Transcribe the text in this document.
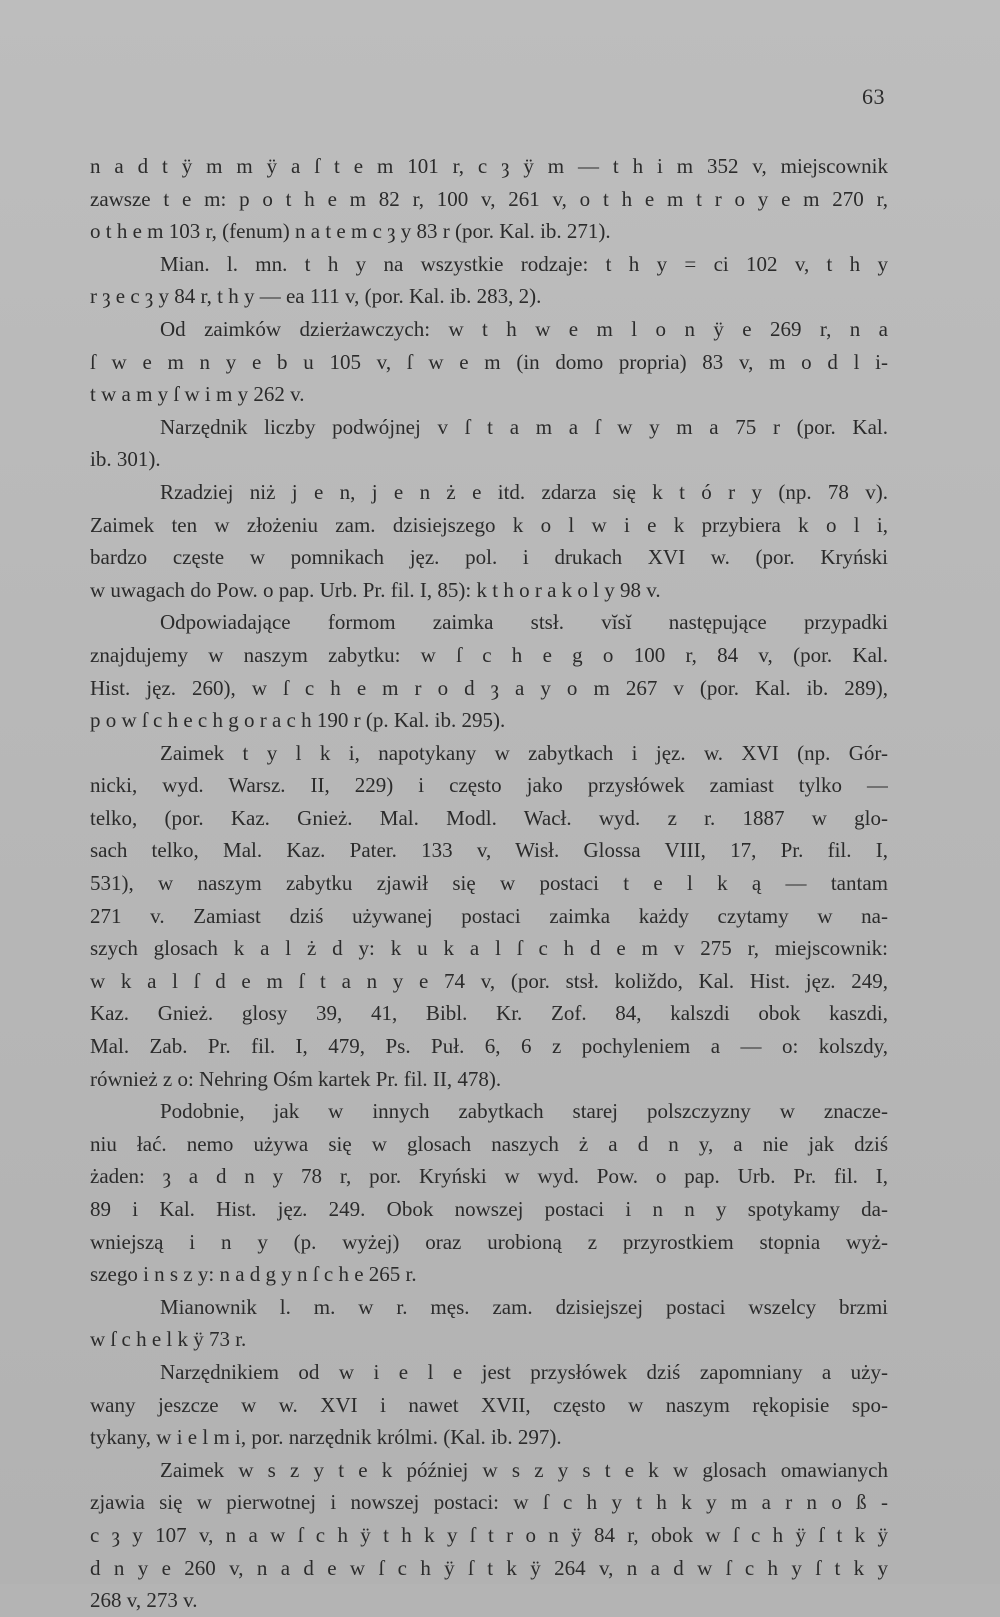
63
n a d t ÿ m m ÿ a ſ t e m 101 r, c ȝ ÿ m — t h i m 352 v, miejscownik
zawsze t e m: p o t h e m 82 r, 100 v, 261 v, o t h e m t r o y e m 270 r,
o t h e m 103 r, (fenum) n a t e m c ȝ y 83 r (por. Kal. ib. 271).
Mian. l. mn. t h y na wszystkie rodzaje: t h y = ci 102 v, t h y
r ȝ e c ȝ y 84 r, t h y — ea 111 v, (por. Kal. ib. 283, 2).
Od zaimków dzierżawczych: w t h w e m l o n ÿ e 269 r, n a
ſ w e m n y e b u 105 v, ſ w e m (in domo propria) 83 v, m o d l i-
t w a m y ſ w i m y 262 v.
Narzędnik liczby podwójnej v ſ t a m a ſ w y m a 75 r (por. Kal.
ib. 301).
Rzadziej niż j e n, j e n ż e itd. zdarza się k t ó r y (np. 78 v).
Zaimek ten w złożeniu zam. dzisiejszego k o l w i e k przybiera k o l i,
bardzo częste w pomnikach jęz. pol. i drukach XVI w. (por. Kryński
w uwagach do Pow. o pap. Urb. Pr. fil. I, 85): k t h o r a k o l y 98 v.
Odpowiadające formom zaimka stsł. vĭsĭ następujące przypadki
znajdujemy w naszym zabytku: w ſ c h e g o 100 r, 84 v, (por. Kal.
Hist. jęz. 260), w ſ c h e m r o d ȝ a y o m 267 v (por. Kal. ib. 289),
p o w ſ c h e c h g o r a c h 190 r (p. Kal. ib. 295).
Zaimek t y l k i, napotykany w zabytkach i jęz. w. XVI (np. Gór-
nicki, wyd. Warsz. II, 229) i często jako przysłówek zamiast tylko —
telko, (por. Kaz. Gnież. Mal. Modl. Wacł. wyd. z r. 1887 w glo-
sach telko, Mal. Kaz. Pater. 133 v, Wisł. Glossa VIII, 17, Pr. fil. I,
531), w naszym zabytku zjawił się w postaci t e l k ą — tantam
271 v. Zamiast dziś używanej postaci zaimka każdy czytamy w na-
szych glosach k a l ż d y: k u k a l ſ c h d e m v 275 r, miejscownik:
w k a l ſ d e m ſ t a n y e 74 v, (por. stsł. koliždo, Kal. Hist. jęz. 249,
Kaz. Gnież. glosy 39, 41, Bibl. Kr. Zof. 84, kalszdi obok kaszdi,
Mal. Zab. Pr. fil. I, 479, Ps. Puł. 6, 6 z pochyleniem a — o: kolszdy,
również z o: Nehring Ośm kartek Pr. fil. II, 478).
Podobnie, jak w innych zabytkach starej polszczyzny w znacze-
niu łać. nemo używa się w glosach naszych ż a d n y, a nie jak dziś
żaden: ȝ a d n y 78 r, por. Kryński w wyd. Pow. o pap. Urb. Pr. fil. I,
89 i Kal. Hist. jęz. 249. Obok nowszej postaci i n n y spotykamy da-
wniejszą i n y (p. wyżej) oraz urobioną z przyrostkiem stopnia wyż-
szego i n s z y: n a d g y n ſ c h e 265 r.
Mianownik l. m. w r. męs. zam. dzisiejszej postaci wszelcy brzmi
w ſ c h e l k ÿ 73 r.
Narzędnikiem od w i e l e jest przysłówek dziś zapomniany a uży-
wany jeszcze w w. XVI i nawet XVII, często w naszym rękopisie spo-
tykany, w i e l m i, por. narzędnik królmi. (Kal. ib. 297).
Zaimek w s z y t e k później w s z y s t e k w glosach omawianych
zjawia się w pierwotnej i nowszej postaci: w ſ c h y t h k y m a r n o ß -
c ȝ y 107 v, n a w ſ c h ÿ t h k y ſ t r o n ÿ 84 r, obok w ſ c h ÿ ſ t k ÿ
d n y e 260 v, n a d e w ſ c h ÿ ſ t k ÿ 264 v, n a d w ſ c h y ſ t k y
268 v, 273 v.
